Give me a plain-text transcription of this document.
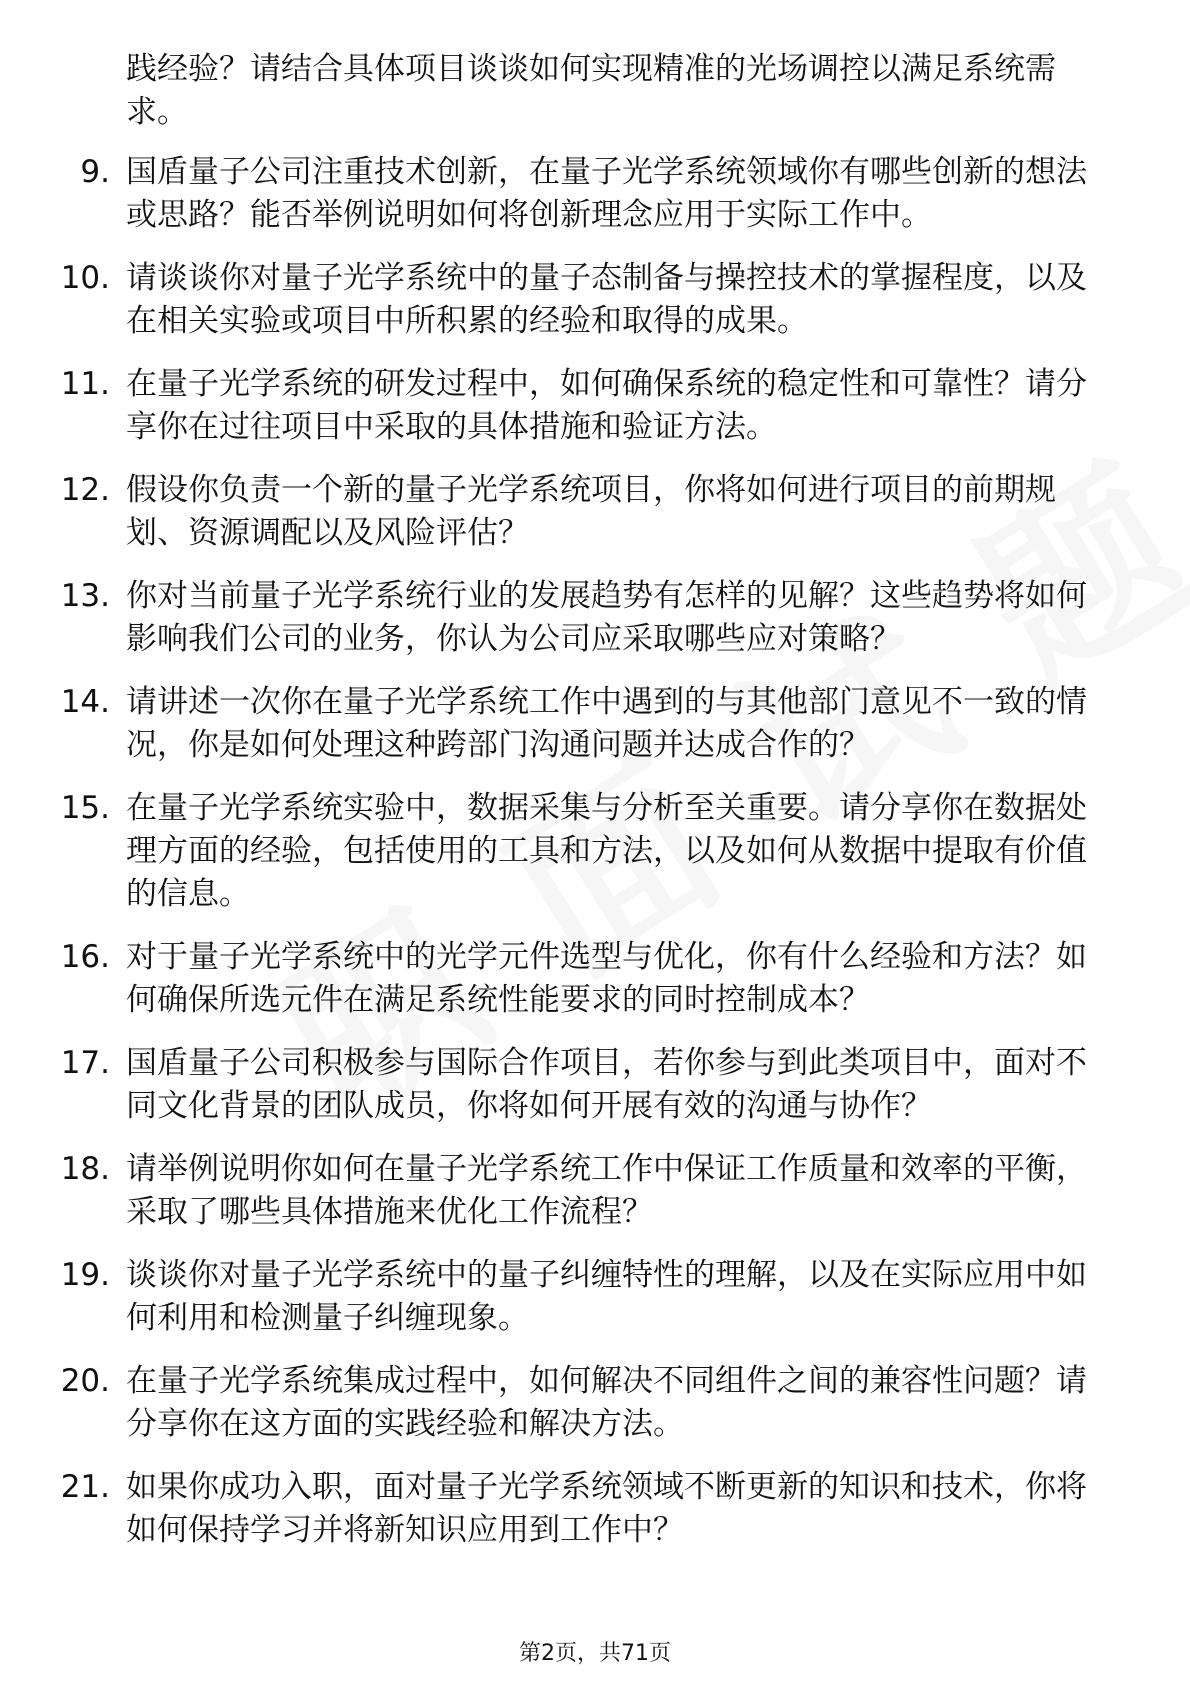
践经验？请结合具体项目谈谈如何实现精准的光场调控以满足系统需求。
9. 国盾量子公司注重技术创新，在量子光学系统领域你有哪些创新的想法或思路？能否举例说明如何将创新理念应用于实际工作中。
10. 请谈谈你对量子光学系统中的量子态制备与操控技术的掌握程度，以及在相关实验或项目中所积累的经验和取得的成果。
11. 在量子光学系统的研发过程中，如何确保系统的稳定性和可靠性？请分享你在过往项目中采取的具体措施和验证方法。
12. 假设你负责一个新的量子光学系统项目，你将如何进行项目的前期规划、资源调配以及风险评估？
13. 你对当前量子光学系统行业的发展趋势有怎样的见解？这些趋势将如何影响我们公司的业务，你认为公司应采取哪些应对策略？
14. 请讲述一次你在量子光学系统工作中遇到的与其他部门意见不一致的情况，你是如何处理这种跨部门沟通问题并达成合作的？
15. 在量子光学系统实验中，数据采集与分析至关重要。请分享你在数据处理方面的经验，包括使用的工具和方法，以及如何从数据中提取有价值的信息。
16. 对于量子光学系统中的光学元件选型与优化，你有什么经验和方法？如何确保所选元件在满足系统性能要求的同时控制成本？
17. 国盾量子公司积极参与国际合作项目，若你参与到此类项目中，面对不同文化背景的团队成员，你将如何开展有效的沟通与协作？
18. 请举例说明你如何在量子光学系统工作中保证工作质量和效率的平衡，采取了哪些具体措施来优化工作流程？
19. 谈谈你对量子光学系统中的量子纠缠特性的理解，以及在实际应用中如何利用和检测量子纠缠现象。
20. 在量子光学系统集成过程中，如何解决不同组件之间的兼容性问题？请分享你在这方面的实践经验和解决方法。
21. 如果你成功入职，面对量子光学系统领域不断更新的知识和技术，你将如何保持学习并将新知识应用到工作中？
第2页，共71页
